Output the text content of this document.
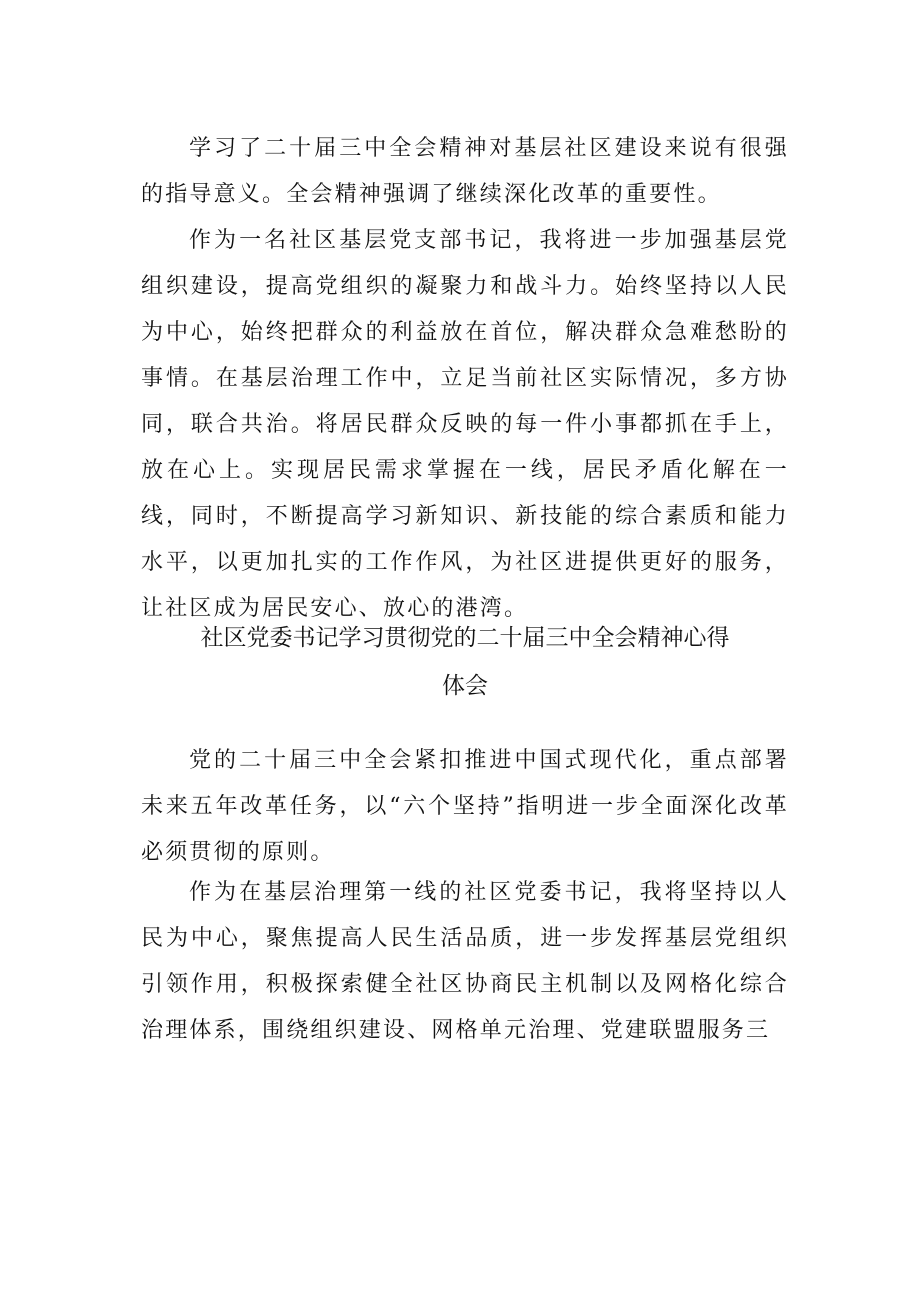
学习了二十届三中全会精神对基层社区建设来说有很强的指导意义。全会精神强调了继续深化改革的重要性。

作为一名社区基层党支部书记，我将进一步加强基层党组织建设，提高党组织的凝聚力和战斗力。始终坚持以人民为中心，始终把群众的利益放在首位，解决群众急难愁盼的事情。在基层治理工作中，立足当前社区实际情况，多方协同，联合共治。将居民群众反映的每一件小事都抓在手上，放在心上。实现居民需求掌握在一线，居民矛盾化解在一线，同时，不断提高学习新知识、新技能的综合素质和能力水平，以更加扎实的工作作风，为社区进提供更好的服务，让社区成为居民安心、放心的港湾。

社区党委书记学习贯彻党的二十届三中全会精神心得
体会

党的二十届三中全会紧扣推进中国式现代化，重点部署未来五年改革任务，以“六个坚持”指明进一步全面深化改革必须贯彻的原则。

作为在基层治理第一线的社区党委书记，我将坚持以人民为中心，聚焦提高人民生活品质，进一步发挥基层党组织引领作用，积极探索健全社区协商民主机制以及网格化综合治理体系，围绕组织建设、网格单元治理、党建联盟服务三
